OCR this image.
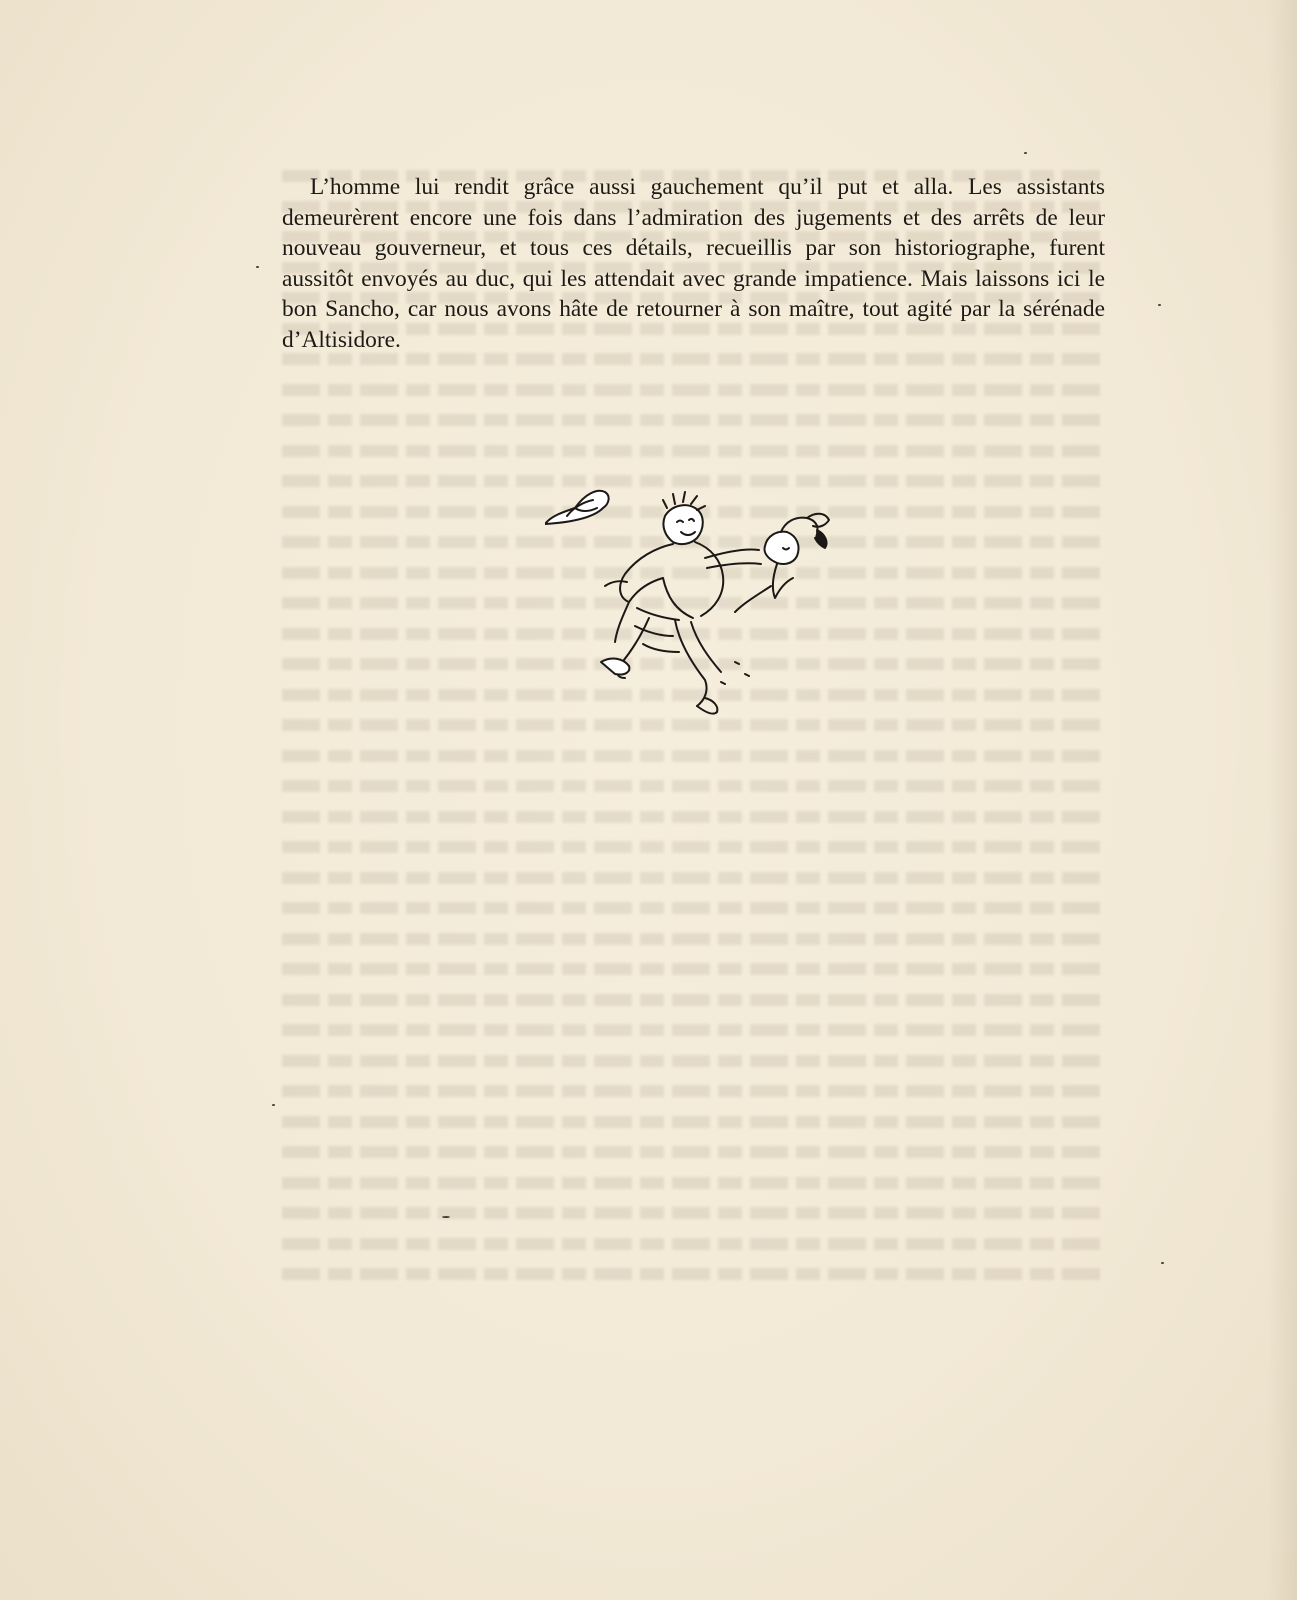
L’homme lui rendit grâce aussi gauchement qu’il put et alla. Les assistants demeurèrent encore une fois dans l’admiration des jugements et des arrêts de leur nouveau gouverneur, et tous ces détails, recueillis par son historiographe, furent aussitôt envoyés au duc, qui les attendait avec grande impatience. Mais laissons ici le bon Sancho, car nous avons hâte de retourner à son maître, tout agité par la sérénade d’Altisidore.
